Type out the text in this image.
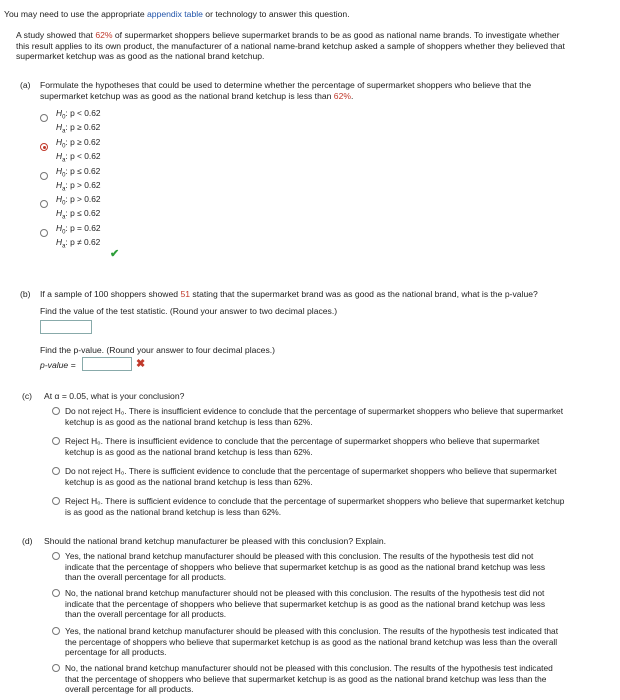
You may need to use the appropriate appendix table or technology to answer this question.
A study showed that 62% of supermarket shoppers believe supermarket brands to be as good as national name brands. To investigate whether
this result applies to its own product, the manufacturer of a national name-brand ketchup asked a sample of shoppers whether they believed that
supermarket ketchup was as good as the national brand ketchup.
(a) Formulate the hypotheses that could be used to determine whether the percentage of supermarket shoppers who believe that the
supermarket ketchup was as good as the national brand ketchup is less than 62%.
$H_0$: p < 0.62
$H_a$: p ≥ 0.62
$H_0$: p ≥ 0.62
$H_a$: p < 0.62
$H_0$: p ≤ 0.62
$H_a$: p > 0.62
$H_0$: p > 0.62
$H_a$: p ≤ 0.62
$H_0$: p = 0.62
$H_a$: p ≠ 0.62
✔
(b) If a sample of 100 shoppers showed 51 stating that the supermarket brand was as good as the national brand, what is the p-value?
Find the value of the test statistic. (Round your answer to two decimal places.)
Find the p-value. (Round your answer to four decimal places.)
p-value =	✖
(c) At α = 0.05, what is your conclusion?
Do not reject H₀. There is insufficient evidence to conclude that the percentage of supermarket shoppers who believe that supermarket
ketchup is as good as the national brand ketchup is less than 62%.
Reject H₀. There is insufficient evidence to conclude that the percentage of supermarket shoppers who believe that supermarket
ketchup is as good as the national brand ketchup is less than 62%.
Do not reject H₀. There is sufficient evidence to conclude that the percentage of supermarket shoppers who believe that supermarket
ketchup is as good as the national brand ketchup is less than 62%.
Reject H₀. There is sufficient evidence to conclude that the percentage of supermarket shoppers who believe that supermarket ketchup
is as good as the national brand ketchup is less than 62%.
(d) Should the national brand ketchup manufacturer be pleased with this conclusion? Explain.
Yes, the national brand ketchup manufacturer should be pleased with this conclusion. The results of the hypothesis test did not
indicate that the percentage of shoppers who believe that supermarket ketchup is as good as the national brand ketchup was less
than the overall percentage for all products.
No, the national brand ketchup manufacturer should not be pleased with this conclusion. The results of the hypothesis test did not
indicate that the percentage of shoppers who believe that supermarket ketchup is as good as the national brand ketchup was less
than the overall percentage for all products.
Yes, the national brand ketchup manufacturer should be pleased with this conclusion. The results of the hypothesis test indicated that
the percentage of shoppers who believe that supermarket ketchup is as good as the national brand ketchup was less than the overall
percentage for all products.
No, the national brand ketchup manufacturer should not be pleased with this conclusion. The results of the hypothesis test indicated
that the percentage of shoppers who believe that supermarket ketchup is as good as the national brand ketchup was less than the
overall percentage for all products.
